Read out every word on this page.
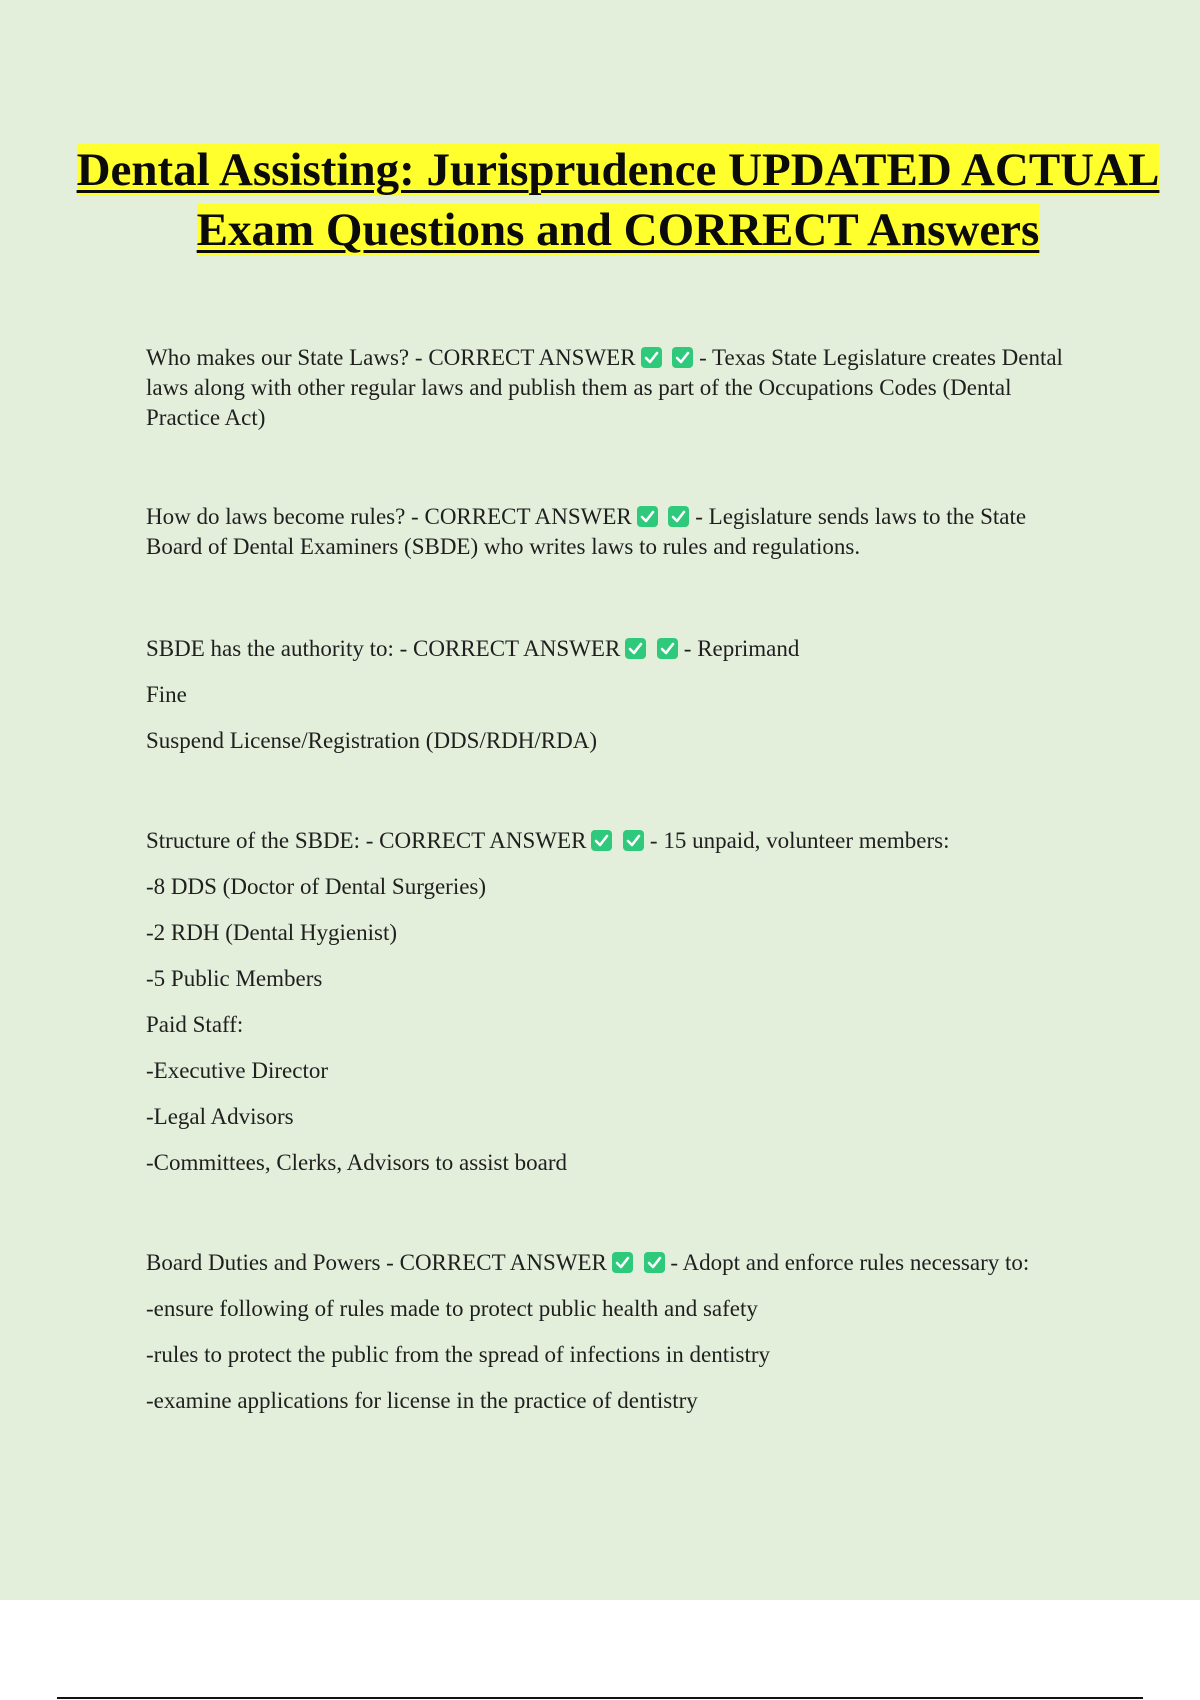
Dental Assisting: Jurisprudence UPDATED ACTUAL Exam Questions and CORRECT Answers
Who makes our State Laws? - CORRECT ANSWER
	- Texas State Legislature creates Dental laws along with other regular laws and publish them as part of the Occupations Codes (Dental Practice Act)
How do laws become rules? - CORRECT ANSWER
	- Legislature sends laws to the State Board of Dental Examiners (SBDE) who writes laws to rules and regulations.
SBDE has the authority to: - CORRECT ANSWER
	- Reprimand
Fine
Suspend License/Registration (DDS/RDH/RDA)
Structure of the SBDE: - CORRECT ANSWER
	- 15 unpaid, volunteer members:
-8 DDS (Doctor of Dental Surgeries)
-2 RDH (Dental Hygienist)
-5 Public Members
Paid Staff:
-Executive Director
-Legal Advisors
-Committees, Clerks, Advisors to assist board
Board Duties and Powers - CORRECT ANSWER
	- Adopt and enforce rules necessary to:
-ensure following of rules made to protect public health and safety
-rules to protect the public from the spread of infections in dentistry
-examine applications for license in the practice of dentistry
